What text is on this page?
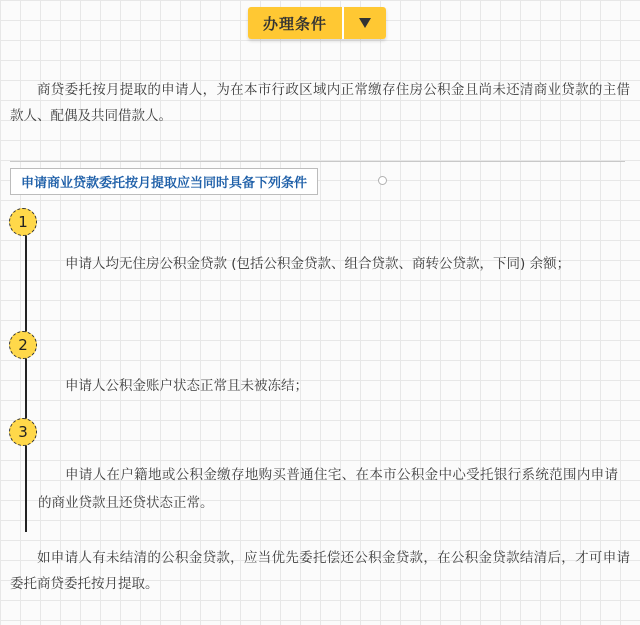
办理条件

商贷委托按月提取的申请人，为在本市行政区域内正常缴存住房公积金且尚未还清商业贷款的主借款人、配偶及共同借款人。

申请商业贷款委托按月提取应当同时具备下列条件
1

申请人均无住房公积金贷款 (包括公积金贷款、组合贷款、商转公贷款，下同) 余额；

2

申请人公积金账户状态正常且未被冻结；

3

申请人在户籍地或公积金缴存地购买普通住宅、在本市公积金中心受托银行系统范围内申请的商业贷款且还贷状态正常。

如申请人有未结清的公积金贷款，应当优先委托偿还公积金贷款，在公积金贷款结清后，才可申请委托商贷委托按月提取。
